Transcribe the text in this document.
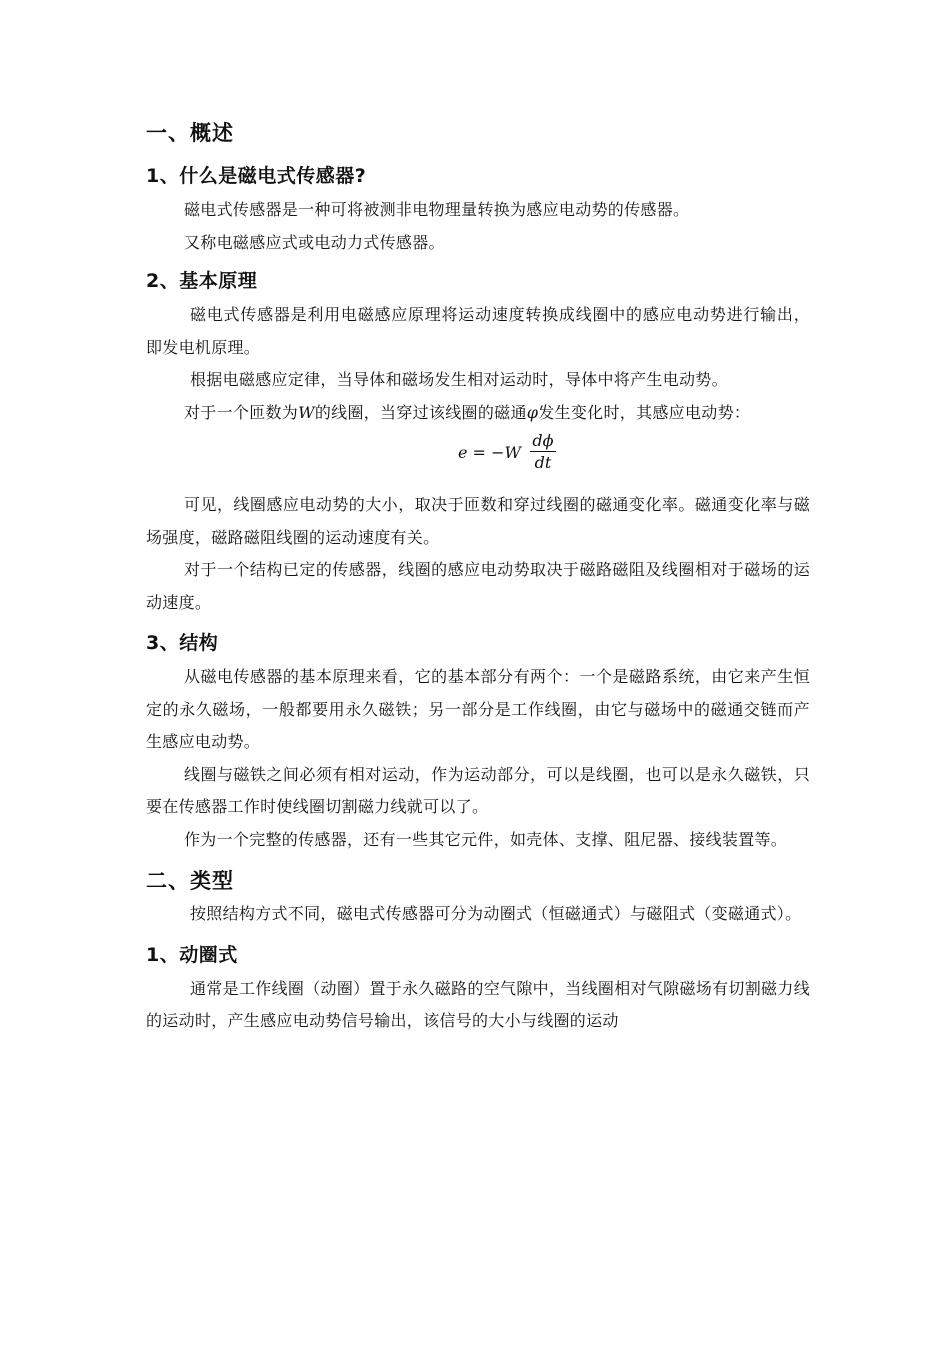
一、概述
1、什么是磁电式传感器?

磁电式传感器是一种可将被测非电物理量转换为感应电动势的传感器。

又称电磁感应式或电动力式传感器。

2、基本原理

磁电式传感器是利用电磁感应原理将运动速度转换成线圈中的感应电动势进行输出， 即发电机原理。

根据电磁感应定律，当导体和磁场发生相对运动时，导体中将产生电动势。

对于一个匝数为W的线圈，当穿过该线圈的磁通φ发生变化时，其感应电动势：

$e = -W \frac{d\phi}{dt}$

可见，线圈感应电动势的大小，取决于匝数和穿过线圈的磁通变化率。磁通变化率与磁场强度，磁路磁阻线圈的运动速度有关。

对于一个结构已定的传感器，线圈的感应电动势取决于磁路磁阻及线圈相对于磁场的运动速度。

3、结构

从磁电传感器的基本原理来看，它的基本部分有两个：一个是磁路系统，由它来产生恒定的永久磁场，一般都要用永久磁铁；另一部分是工作线圈，由它与磁场中的磁通交链而产生感应电动势。

线圈与磁铁之间必须有相对运动，作为运动部分，可以是线圈，也可以是永久磁铁，只要在传感器工作时使线圈切割磁力线就可以了。

作为一个完整的传感器，还有一些其它元件，如壳体、支撑、阻尼器、接线装置等。

二、类型

按照结构方式不同，磁电式传感器可分为动圈式（恒磁通式）与磁阻式（变磁通式）。

1、动圈式

通常是工作线圈（动圈）置于永久磁路的空气隙中，当线圈相对气隙磁场有切割磁力线的运动时，产生感应电动势信号输出，该信号的大小与线圈的运动
